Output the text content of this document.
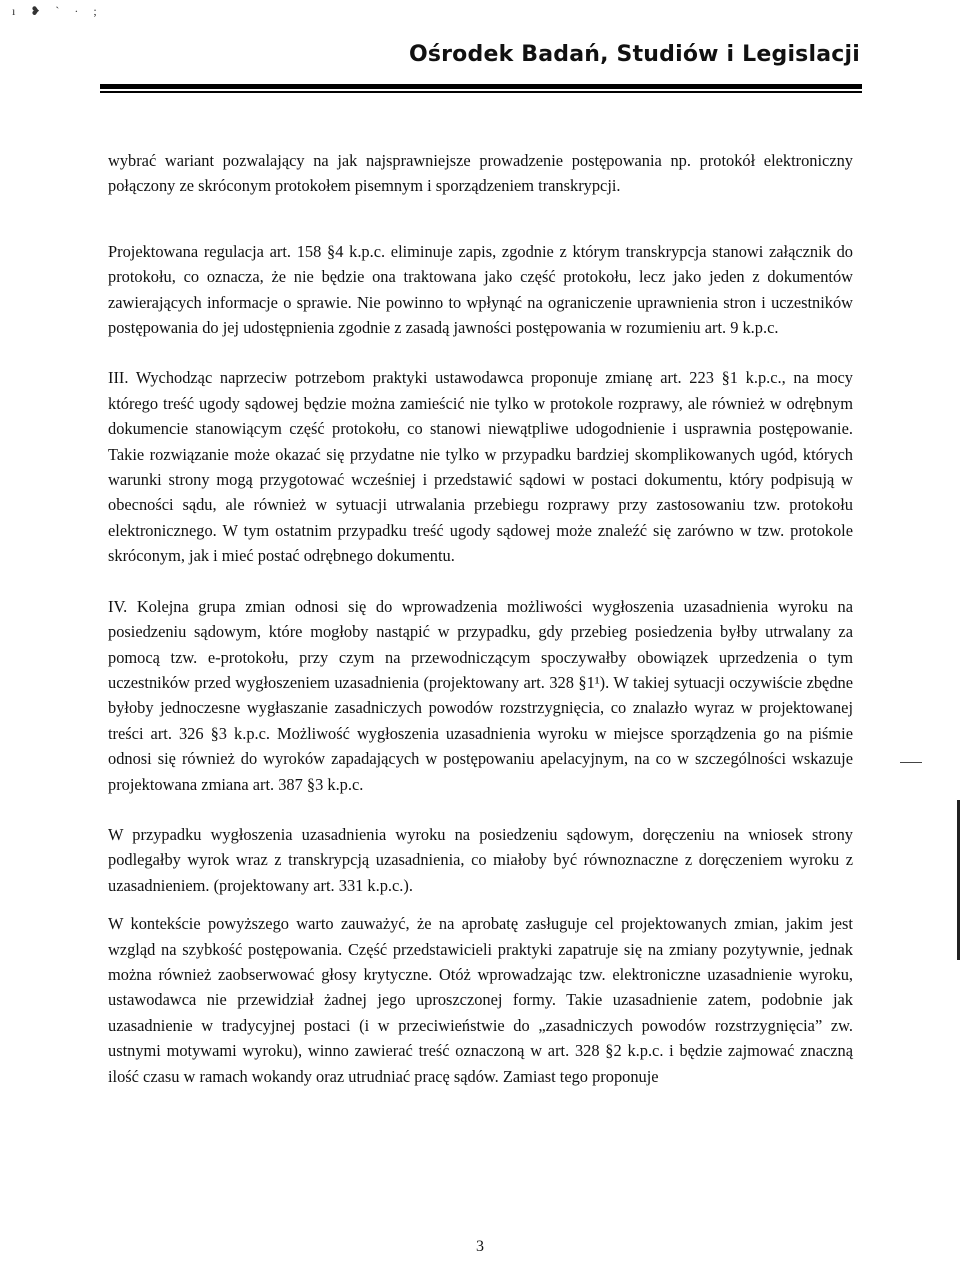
ı ❥ ` · ;
Ośrodek Badań, Studiów i Legislacji

wybrać wariant pozwalający na jak najsprawniejsze prowadzenie postępowania np. protokół elektroniczny połączony ze skróconym protokołem pisemnym i sporządzeniem transkrypcji.

Projektowana regulacja art. 158 §4 k.p.c. eliminuje zapis, zgodnie z którym transkrypcja stanowi załącznik do protokołu, co oznacza, że nie będzie ona traktowana jako część protokołu, lecz jako jeden z dokumentów zawierających informacje o sprawie. Nie powinno to wpłynąć na ograniczenie uprawnienia stron i uczestników postępowania do jej udostępnienia zgodnie z zasadą jawności postępowania w rozumieniu art. 9 k.p.c.

III. Wychodząc naprzeciw potrzebom praktyki ustawodawca proponuje zmianę art. 223 §1 k.p.c., na mocy którego treść ugody sądowej będzie można zamieścić nie tylko w protokole rozprawy, ale również w odrębnym dokumencie stanowiącym część protokołu, co stanowi niewątpliwe udogodnienie i usprawnia postępowanie. Takie rozwiązanie może okazać się przydatne nie tylko w przypadku bardziej skomplikowanych ugód, których warunki strony mogą przygotować wcześniej i przedstawić sądowi w postaci dokumentu, który podpisują w obecności sądu, ale również w sytuacji utrwalania przebiegu rozprawy przy zastosowaniu tzw. protokołu elektronicznego. W tym ostatnim przypadku treść ugody sądowej może znaleźć się zarówno w tzw. protokole skróconym, jak i mieć postać odrębnego dokumentu.

IV. Kolejna grupa zmian odnosi się do wprowadzenia możliwości wygłoszenia uzasadnienia wyroku na posiedzeniu sądowym, które mogłoby nastąpić w przypadku, gdy przebieg posiedzenia byłby utrwalany za pomocą tzw. e-protokołu, przy czym na przewodniczącym spoczywałby obowiązek uprzedzenia o tym uczestników przed wygłoszeniem uzasadnienia (projektowany art. 328 §1¹). W takiej sytuacji oczywiście zbędne byłoby jednoczesne wygłaszanie zasadniczych powodów rozstrzygnięcia, co znalazło wyraz w projektowanej treści art. 326 §3 k.p.c. Możliwość wygłoszenia uzasadnienia wyroku w miejsce sporządzenia go na piśmie odnosi się również do wyroków zapadających w postępowaniu apelacyjnym, na co w szczególności wskazuje projektowana zmiana art. 387 §3 k.p.c.

W przypadku wygłoszenia uzasadnienia wyroku na posiedzeniu sądowym, doręczeniu na wniosek strony podlegałby wyrok wraz z transkrypcją uzasadnienia, co miałoby być równoznaczne z doręczeniem wyroku z uzasadnieniem. (projektowany art. 331 k.p.c.).

W kontekście powyższego warto zauważyć, że na aprobatę zasługuje cel projektowanych zmian, jakim jest wzgląd na szybkość postępowania. Część przedstawicieli praktyki zapatruje się na zmiany pozytywnie, jednak można również zaobserwować głosy krytyczne. Otóż wprowadzając tzw. elektroniczne uzasadnienie wyroku, ustawodawca nie przewidział żadnej jego uproszczonej formy. Takie uzasadnienie zatem, podobnie jak uzasadnienie w tradycyjnej postaci (i w przeciwieństwie do „zasadniczych powodów rozstrzygnięcia” zw. ustnymi motywami wyroku), winno zawierać treść oznaczoną w art. 328 §2 k.p.c. i będzie zajmować znaczną ilość czasu w ramach wokandy oraz utrudniać pracę sądów. Zamiast tego proponuje

3
